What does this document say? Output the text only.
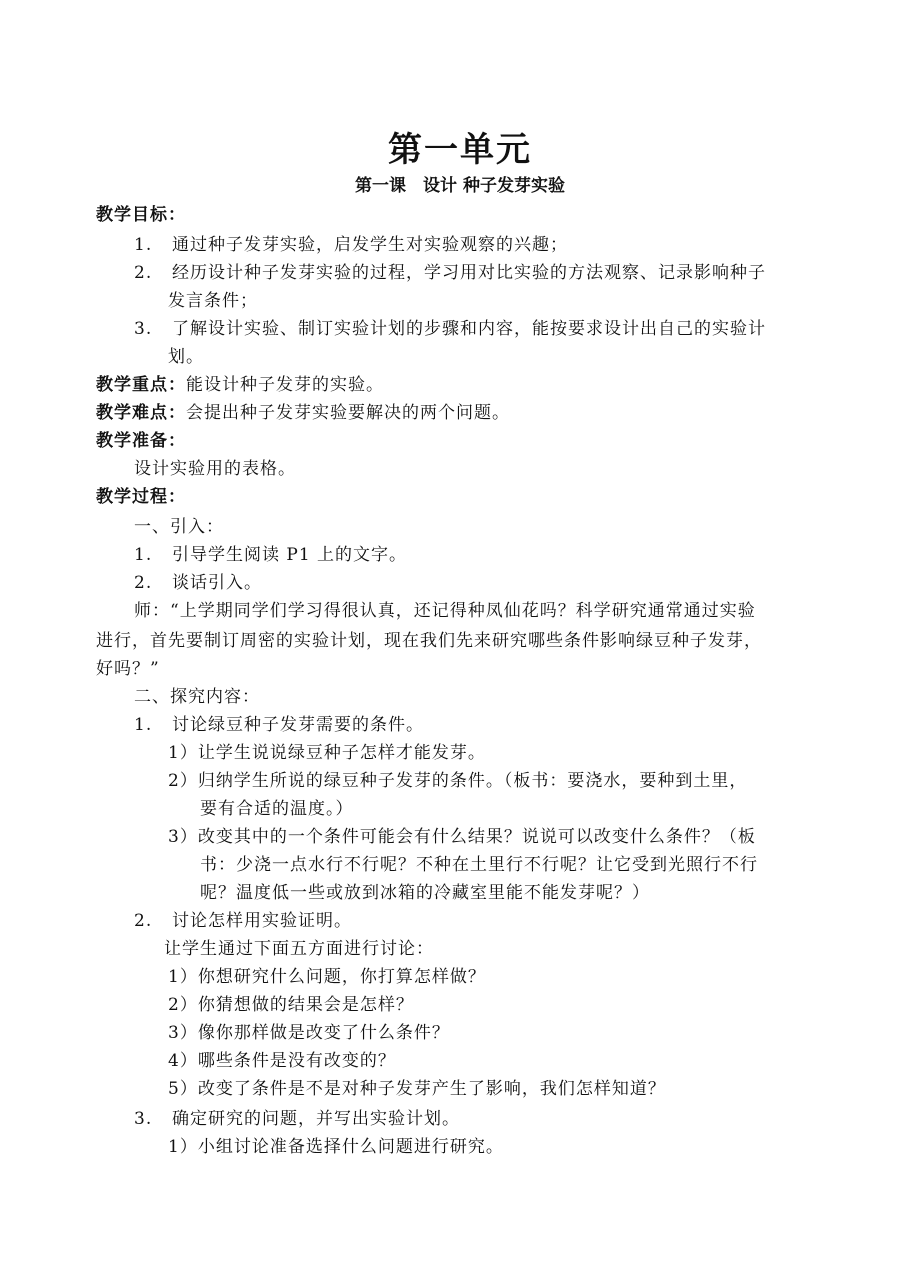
第一单元
第一课　设计 种子发芽实验
教学目标：
1. 通过种子发芽实验，启发学生对实验观察的兴趣；
2. 经历设计种子发芽实验的过程，学习用对比实验的方法观察、记录影响种子
发言条件；
3. 了解设计实验、制订实验计划的步骤和内容，能按要求设计出自己的实验计
划。
教学重点：能设计种子发芽的实验。
教学难点：会提出种子发芽实验要解决的两个问题。
教学准备：
设计实验用的表格。
教学过程：
一、引入：
1. 引导学生阅读 P1 上的文字。
2. 谈话引入。
师：“上学期同学们学习得很认真，还记得种凤仙花吗？科学研究通常通过实验
进行，首先要制订周密的实验计划，现在我们先来研究哪些条件影响绿豆种子发芽，
好吗？”
二、探究内容：
1. 讨论绿豆种子发芽需要的条件。
1）让学生说说绿豆种子怎样才能发芽。
2）归纳学生所说的绿豆种子发芽的条件。（板书：要浇水，要种到土里，
要有合适的温度。）
3）改变其中的一个条件可能会有什么结果？说说可以改变什么条件？（板
书：少浇一点水行不行呢？不种在土里行不行呢？让它受到光照行不行
呢？温度低一些或放到冰箱的冷藏室里能不能发芽呢？）
2. 讨论怎样用实验证明。
让学生通过下面五方面进行讨论：
1）你想研究什么问题，你打算怎样做？
2）你猜想做的结果会是怎样？
3）像你那样做是改变了什么条件？
4）哪些条件是没有改变的？
5）改变了条件是不是对种子发芽产生了影响，我们怎样知道？
3. 确定研究的问题，并写出实验计划。
1）小组讨论准备选择什么问题进行研究。
